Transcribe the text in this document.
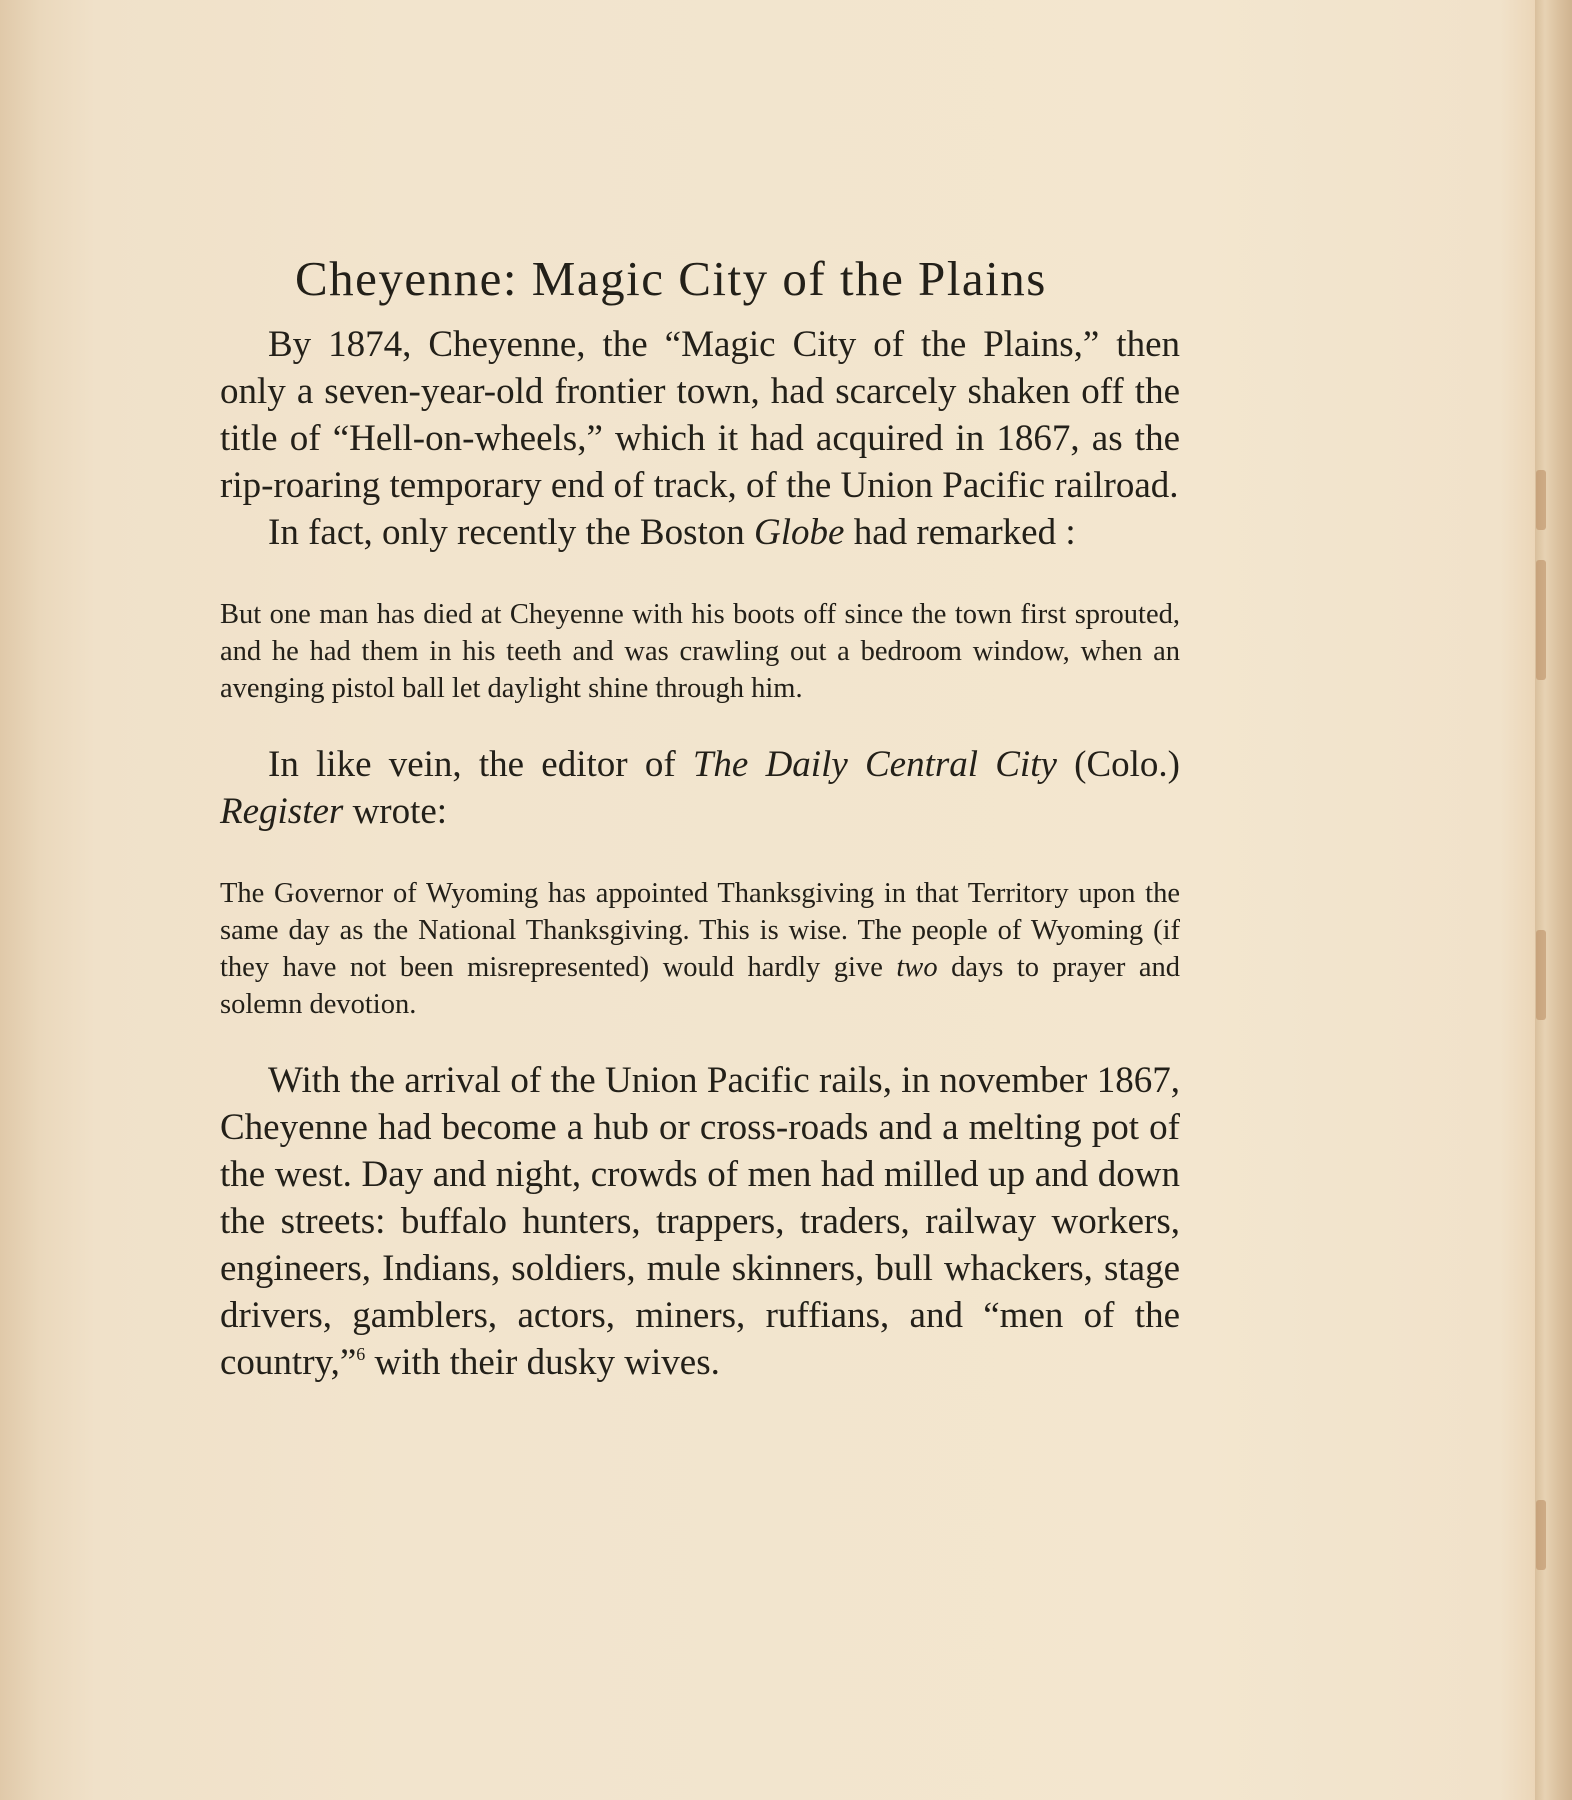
Cheyenne: Magic City of the Plains

By 1874, Cheyenne, the “Magic City of the Plains,” then only a seven-year-old frontier town, had scarcely shaken off the title of “Hell-on-wheels,” which it had acquired in 1867, as the rip-roaring temporary end of track, of the Union Pacific railroad.

In fact, only recently the Boston Globe had remarked :

But one man has died at Cheyenne with his boots off since the town first sprouted, and he had them in his teeth and was crawling out a bedroom window, when an avenging pistol ball let daylight shine through him.

In like vein, the editor of The Daily Central City (Colo.) Register wrote:

The Governor of Wyoming has appointed Thanksgiving in that Territory upon the same day as the National Thanksgiving. This is wise. The people of Wyoming (if they have not been misrepresented) would hardly give two days to prayer and solemn devotion.

With the arrival of the Union Pacific rails, in november 1867, Cheyenne had become a hub or cross-roads and a melting pot of the west. Day and night, crowds of men had milled up and down the streets: buffalo hunters, trappers, traders, railway workers, engineers, Indians, soldiers, mule skinners, bull whackers, stage drivers, gamblers, actors, miners, ruffians, and “men of the country,”$^6$ with their dusky wives.
